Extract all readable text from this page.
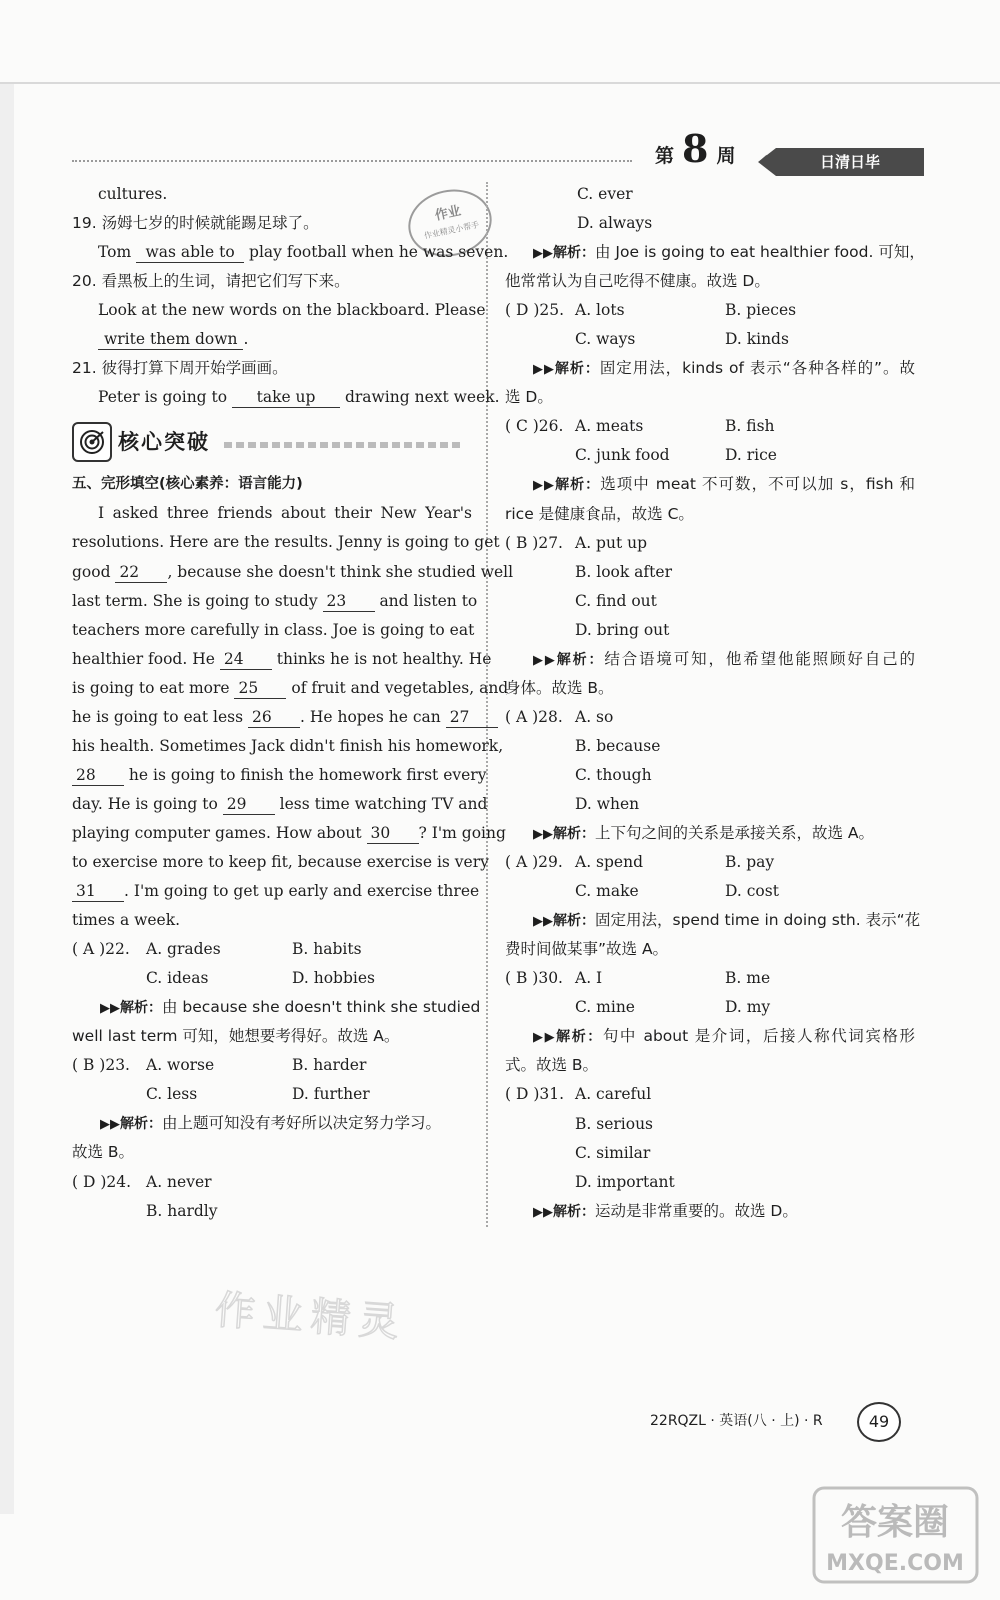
第 8 周	日清日毕
作业
作业精灵小帮手
cultures.
19. 汤姆七岁的时候就能踢足球了。
Tom was able to play football when he was seven.
20. 看黑板上的生词，请把它们写下来。
Look at the new words on the blackboard. Please
write them down .
21. 彼得打算下周开始学画画。
Peter is going to take up drawing next week.
核心突破
五、完形填空(核心素养：语言能力)
I asked three friends about their New Year's
resolutions. Here are the results. Jenny is going to get
good 22 , because she doesn't think she studied well
last term. She is going to study 23 and listen to
teachers more carefully in class. Joe is going to eat
healthier food. He 24 thinks he is not healthy. He
is going to eat more 25 of fruit and vegetables, and
he is going to eat less 26 . He hopes he can 27
his health. Sometimes Jack didn't finish his homework,
28 he is going to finish the homework first every
day. He is going to 29 less time watching TV and
playing computer games. How about 30 ? I'm going
to exercise more to keep fit, because exercise is very
31 . I'm going to get up early and exercise three
times a week.
( A )22. A. grades	B. habits
C. ideas	D. hobbies
▶▶解析：由 because she doesn't think she studied
well last term 可知，她想要考得好。故选 A。
( B )23. A. worse	B. harder
C. less	D. further
▶▶解析：由上题可知没有考好所以决定努力学习。
故选 B。
( D )24. A. never
B. hardly
C. ever
D. always
▶▶解析：由 Joe is going to eat healthier food. 可知，
他常常认为自己吃得不健康。故选 D。
( D )25. A. lots	B. pieces
C. ways	D. kinds
▶▶解析：固定用法，kinds of 表示“各种各样的”。故
选 D。
( C )26. A. meats	B. fish
C. junk food	D. rice
▶▶解析：选项中 meat 不可数，不可以加 s，fish 和
rice 是健康食品，故选 C。
( B )27. A. put up
B. look after
C. find out
D. bring out
▶▶解析：结合语境可知，他希望他能照顾好自己的
身体。故选 B。
( A )28. A. so
B. because
C. though
D. when
▶▶解析：上下句之间的关系是承接关系，故选 A。
( A )29. A. spend	B. pay
C. make	D. cost
▶▶解析：固定用法，spend time in doing sth. 表示“花
费时间做某事”故选 A。
( B )30. A. I	B. me
C. mine	D. my
▶▶解析：句中 about 是介词，后接人称代词宾格形
式。故选 B。
( D )31. A. careful
B. serious
C. similar
D. important
▶▶解析：运动是非常重要的。故选 D。
作业精灵
22RQZL · 英语(八 · 上) · R	49
答案圈
MXQE.COM
